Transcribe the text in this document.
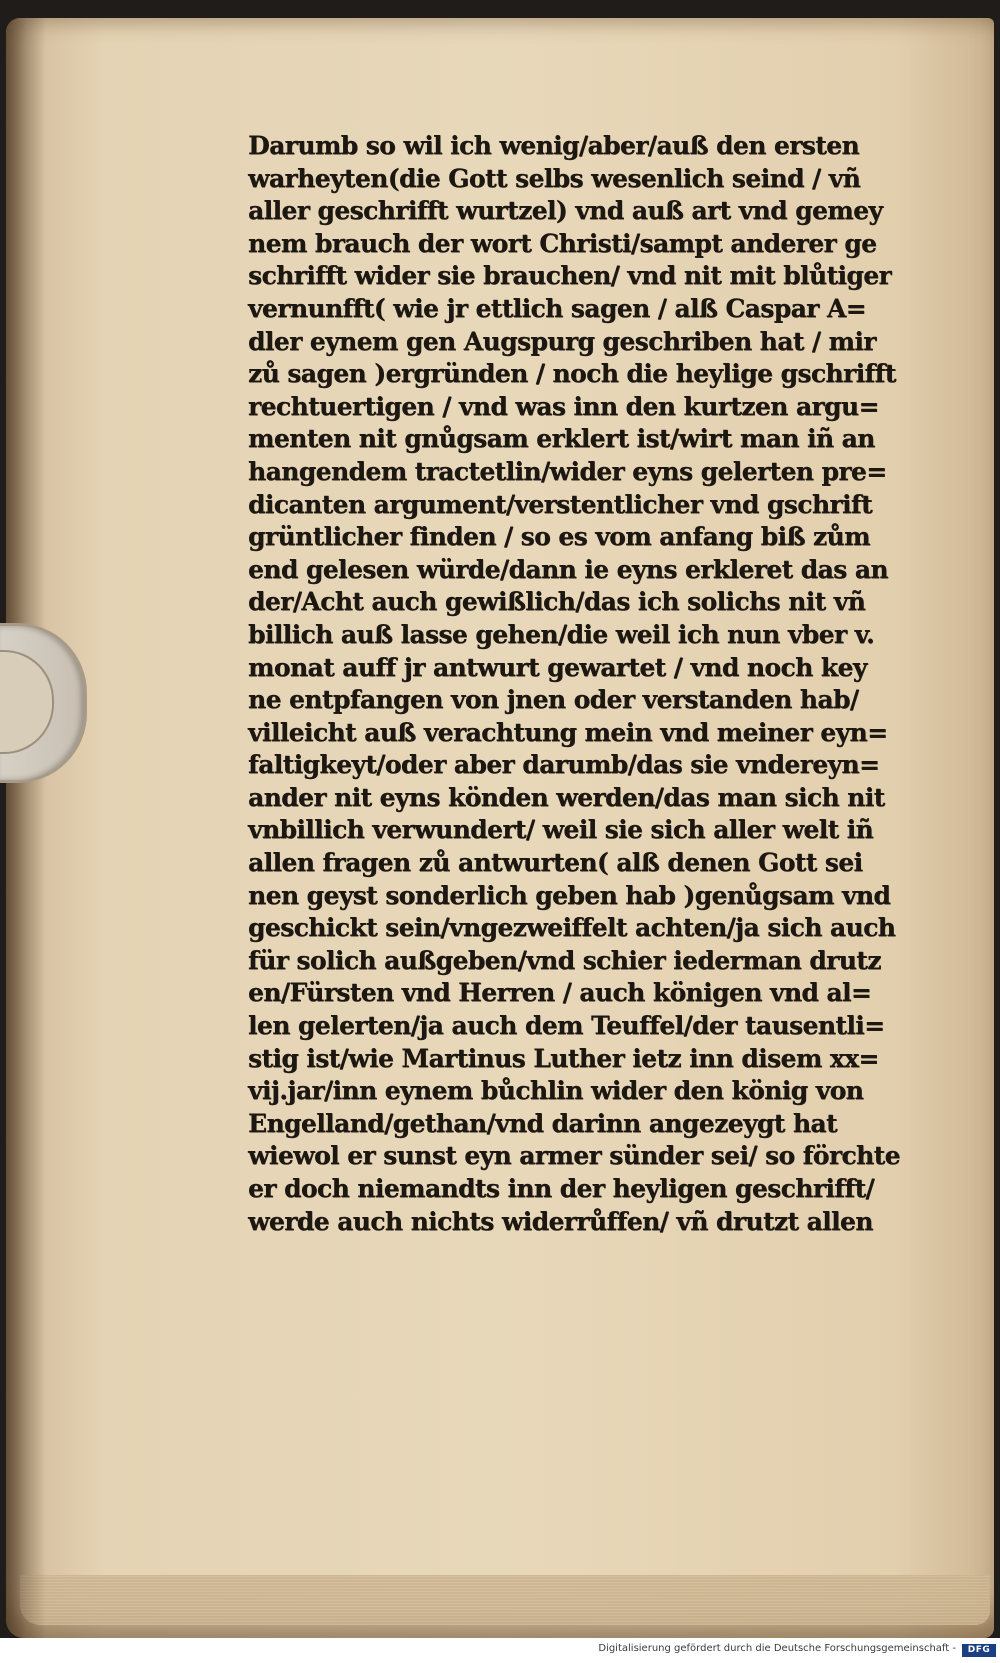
Darumb so wil ich wenig/aber/auß den ersten
warheyten(die Gott selbs wesenlich seind / vñ
aller geschrifft wurtzel) vnd auß art vnd gemey
nem brauch der wort Christi/sampt anderer ge
schrifft wider sie brauchen/ vnd nit mit blůtiger
vernunfft( wie jr ettlich sagen / alß Caspar A=
dler eynem gen Augspurg geschriben hat / mir
zů sagen )ergründen / noch die heylige gschrifft
rechtuertigen / vnd was inn den kurtzen argu=
menten nit gnůgsam erklert ist/wirt man iñ an
hangendem tractetlin/wider eyns gelerten pre=
dicanten argument/verstentlicher vnd gschrift
grüntlicher finden / so es vom anfang biß zům
end gelesen würde/dann ie eyns erkleret das an
der/Acht auch gewißlich/das ich solichs nit vñ
billich auß lasse gehen/die weil ich nun vber v.
monat auff jr antwurt gewartet / vnd noch key
ne entpfangen von jnen oder verstanden hab/
villeicht auß verachtung mein vnd meiner eyn=
faltigkeyt/oder aber darumb/das sie vndereyn=
ander nit eyns könden werden/das man sich nit
vnbillich verwundert/ weil sie sich aller welt iñ
allen fragen zů antwurten( alß denen Gott sei
nen geyst sonderlich geben hab )genůgsam vnd
geschickt sein/vngezweiffelt achten/ja sich auch
für solich außgeben/vnd schier iederman drutz
en/Fürsten vnd Herren / auch königen vnd al=
len gelerten/ja auch dem Teuffel/der tausentli=
stig ist/wie Martinus Luther ietz inn disem xx=
vij.jar/inn eynem bůchlin wider den könig von
Engelland/gethan/vnd darinn angezeygt hat
wiewol er sunst eyn armer sünder sei/ so förchte
er doch niemandts inn der heyligen geschrifft/
werde auch nichts widerrůffen/ vñ drutzt allen
Digitalisierung gefördert durch die Deutsche Forschungsgemeinschaft -	DFG
